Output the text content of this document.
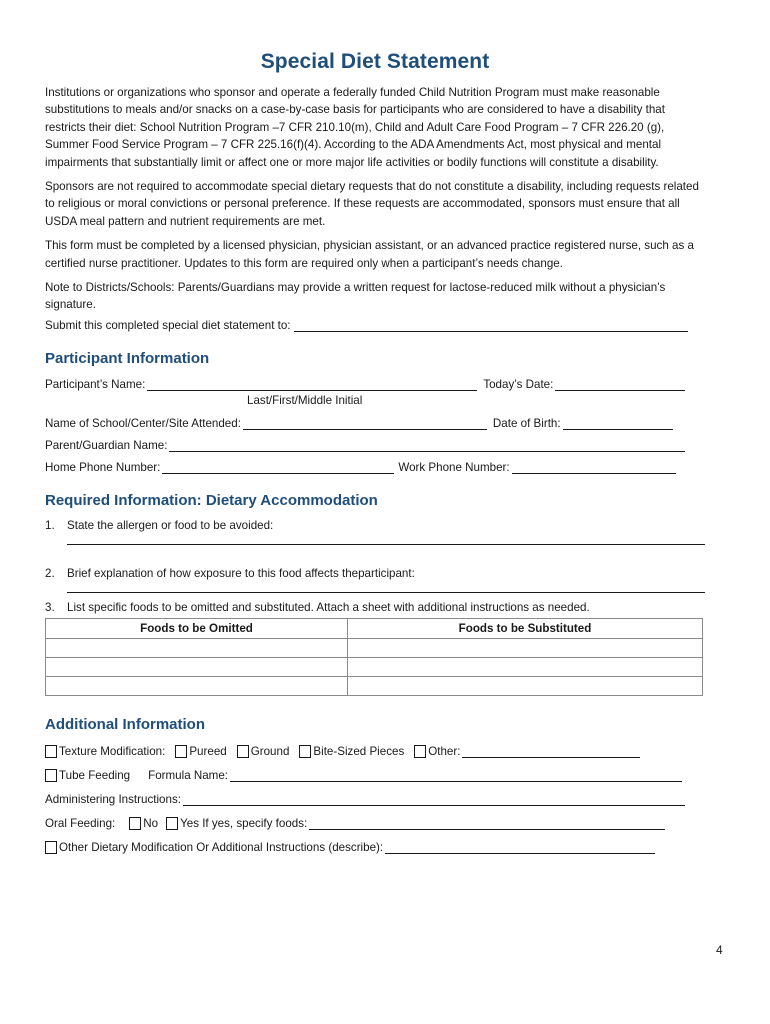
Special Diet Statement

Institutions or organizations who sponsor and operate a federally funded Child Nutrition Program must make reasonable substitutions to meals and/or snacks on a case-by-case basis for participants who are considered to have a disability that restricts their diet: School Nutrition Program –7 CFR 210.10(m), Child and Adult Care Food Program – 7 CFR 226.20 (g), Summer Food Service Program – 7 CFR 225.16(f)(4). According to the ADA Amendments Act, most physical and mental impairments that substantially limit or affect one or more major life activities or bodily functions will constitute a disability.

Sponsors are not required to accommodate special dietary requests that do not constitute a disability, including requests related to religious or moral convictions or personal preference. If these requests are accommodated, sponsors must ensure that all USDA meal pattern and nutrient requirements are met.

This form must be completed by a licensed physician, physician assistant, or an advanced practice registered nurse, such as a certified nurse practitioner. Updates to this form are required only when a participant’s needs change.

Note to Districts/Schools: Parents/Guardians may provide a written request for lactose-reduced milk without a physician’s signature.

Submit this completed special diet statement to:
Participant Information
Participant’s Name:	Today’s Date:
Last/First/Middle Initial
Name of School/Center/Site Attended:	Date of Birth:
Parent/Guardian Name:
Home Phone Number:	Work Phone Number:
Required Information: Dietary Accommodation
1.	State the allergen or food to be avoided:
2.	Brief explanation of how exposure to this food affects theparticipant:
3.	List specific foods to be omitted and substituted. Attach a sheet with additional instructions as needed.
Foods to be Omitted	Foods to be Substituted

Additional Information
Texture Modification: Pureed Ground Bite-Sized Pieces Other:
Tube Feeding Formula Name:
Administering Instructions:
Oral Feeding: No Yes If yes, specify foods:
Other Dietary Modification Or Additional Instructions (describe):
4
